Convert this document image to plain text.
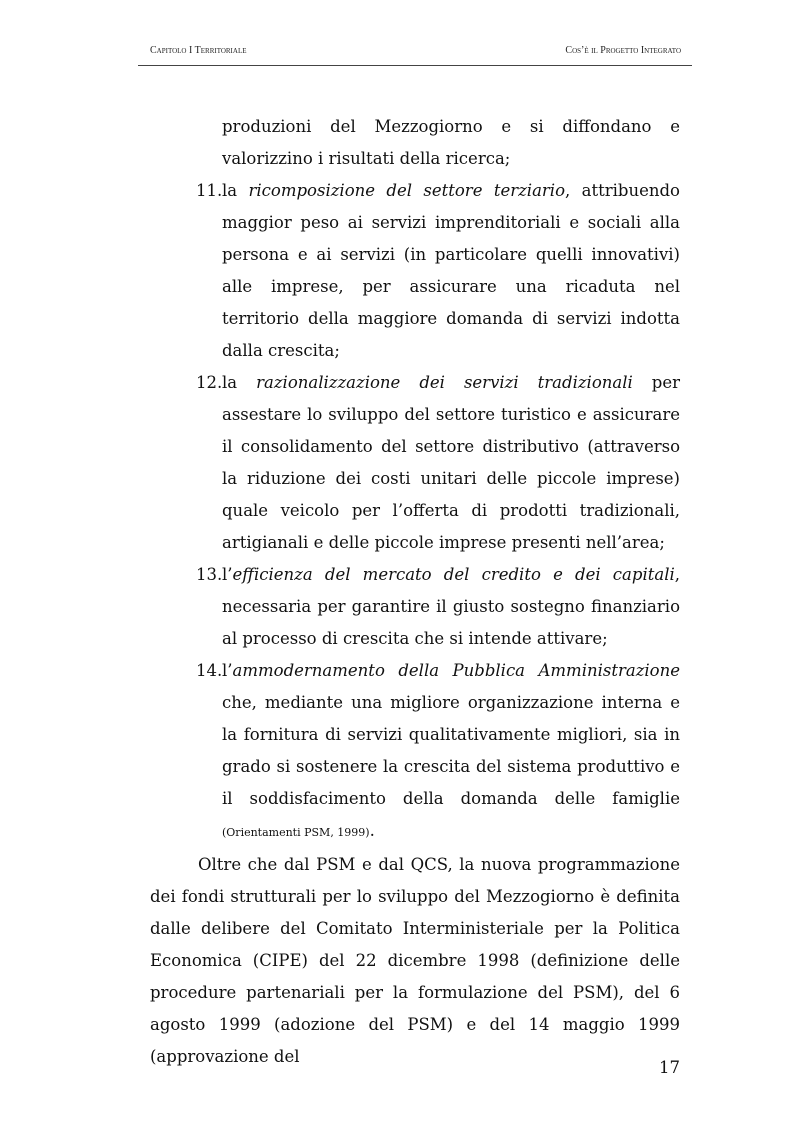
Capitolo I Territoriale	Cos’è il Progetto Integrato

produzioni del Mezzogiorno e si diffondano e valorizzino i risultati della ricerca;

11. la ricomposizione del settore terziario, attribuendo maggior peso ai servizi imprenditoriali e sociali alla persona e ai servizi (in particolare quelli innovativi) alle imprese, per assicurare una ricaduta nel territorio della maggiore domanda di servizi indotta dalla crescita;

12. la razionalizzazione dei servizi tradizionali per assestare lo sviluppo del settore turistico e assicurare il consolidamento del settore distributivo (attraverso la riduzione dei costi unitari delle piccole imprese) quale veicolo per l’offerta di prodotti tradizionali, artigianali e delle piccole imprese presenti nell’area;

13. l’efficienza del mercato del credito e dei capitali, necessaria per garantire il giusto sostegno finanziario al processo di crescita che si intende attivare;

14. l’ammodernamento della Pubblica Amministrazione che, mediante una migliore organizzazione interna e la fornitura di servizi qualitativamente migliori, sia in grado si sostenere la crescita del sistema produttivo e il soddisfacimento della domanda delle famiglie (Orientamenti PSM, 1999).

Oltre che dal PSM e dal QCS, la nuova programmazione dei fondi strutturali per lo sviluppo del Mezzogiorno è definita dalle delibere del Comitato Interministeriale per la Politica Economica (CIPE) del 22 dicembre 1998 (definizione delle procedure partenariali per la formulazione del PSM), del 6 agosto 1999 (adozione del PSM) e del 14 maggio 1999 (approvazione del

17
